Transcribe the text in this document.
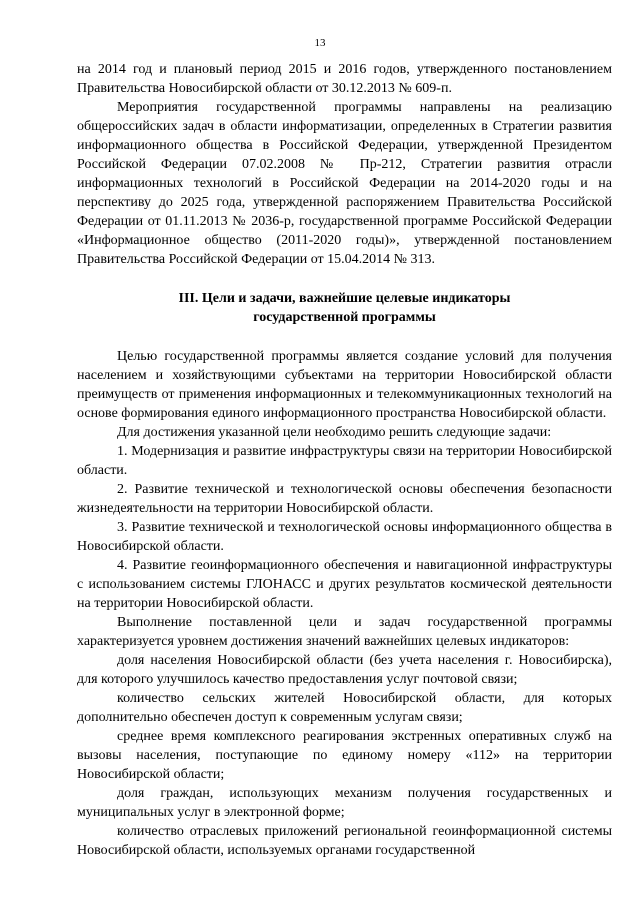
13

на 2014 год и плановый период 2015 и 2016 годов, утвержденного постановлением Правительства Новосибирской области от 30.12.2013 № 609-п.

Мероприятия государственной программы направлены на реализацию общероссийских задач в области информатизации, определенных в Стратегии развития информационного общества в Российской Федерации, утвержденной Президентом Российской Федерации 07.02.2008 № Пр-212, Стратегии развития отрасли информационных технологий в Российской Федерации на 2014-2020 годы и на перспективу до 2025 года, утвержденной распоряжением Правительства Российской Федерации от 01.11.2013 № 2036-р, государственной программе Российской Федерации «Информационное общество (2011-2020 годы)», утвержденной постановлением Правительства Российской Федерации от 15.04.2014 № 313.

III. Цели и задачи, важнейшие целевые индикаторы
государственной программы

Целью государственной программы является создание условий для получения населением и хозяйствующими субъектами на территории Новосибирской области преимуществ от применения информационных и телекоммуникационных технологий на основе формирования единого информационного пространства Новосибирской области.

Для достижения указанной цели необходимо решить следующие задачи:

1. Модернизация и развитие инфраструктуры связи на территории Новосибирской области.

2. Развитие технической и технологической основы обеспечения безопасности жизнедеятельности на территории Новосибирской области.

3. Развитие технической и технологической основы информационного общества в Новосибирской области.

4. Развитие геоинформационного обеспечения и навигационной инфраструктуры с использованием системы ГЛОНАСС и других результатов космической деятельности на территории Новосибирской области.

Выполнение поставленной цели и задач государственной программы характеризуется уровнем достижения значений важнейших целевых индикаторов:

доля населения Новосибирской области (без учета населения г. Новосибирска), для которого улучшилось качество предоставления услуг почтовой связи;

количество сельских жителей Новосибирской области, для которых дополнительно обеспечен доступ к современным услугам связи;

среднее время комплексного реагирования экстренных оперативных служб на вызовы населения, поступающие по единому номеру «112» на территории Новосибирской области;

доля граждан, использующих механизм получения государственных и муниципальных услуг в электронной форме;

количество отраслевых приложений региональной геоинформационной системы Новосибирской области, используемых органами государственной
